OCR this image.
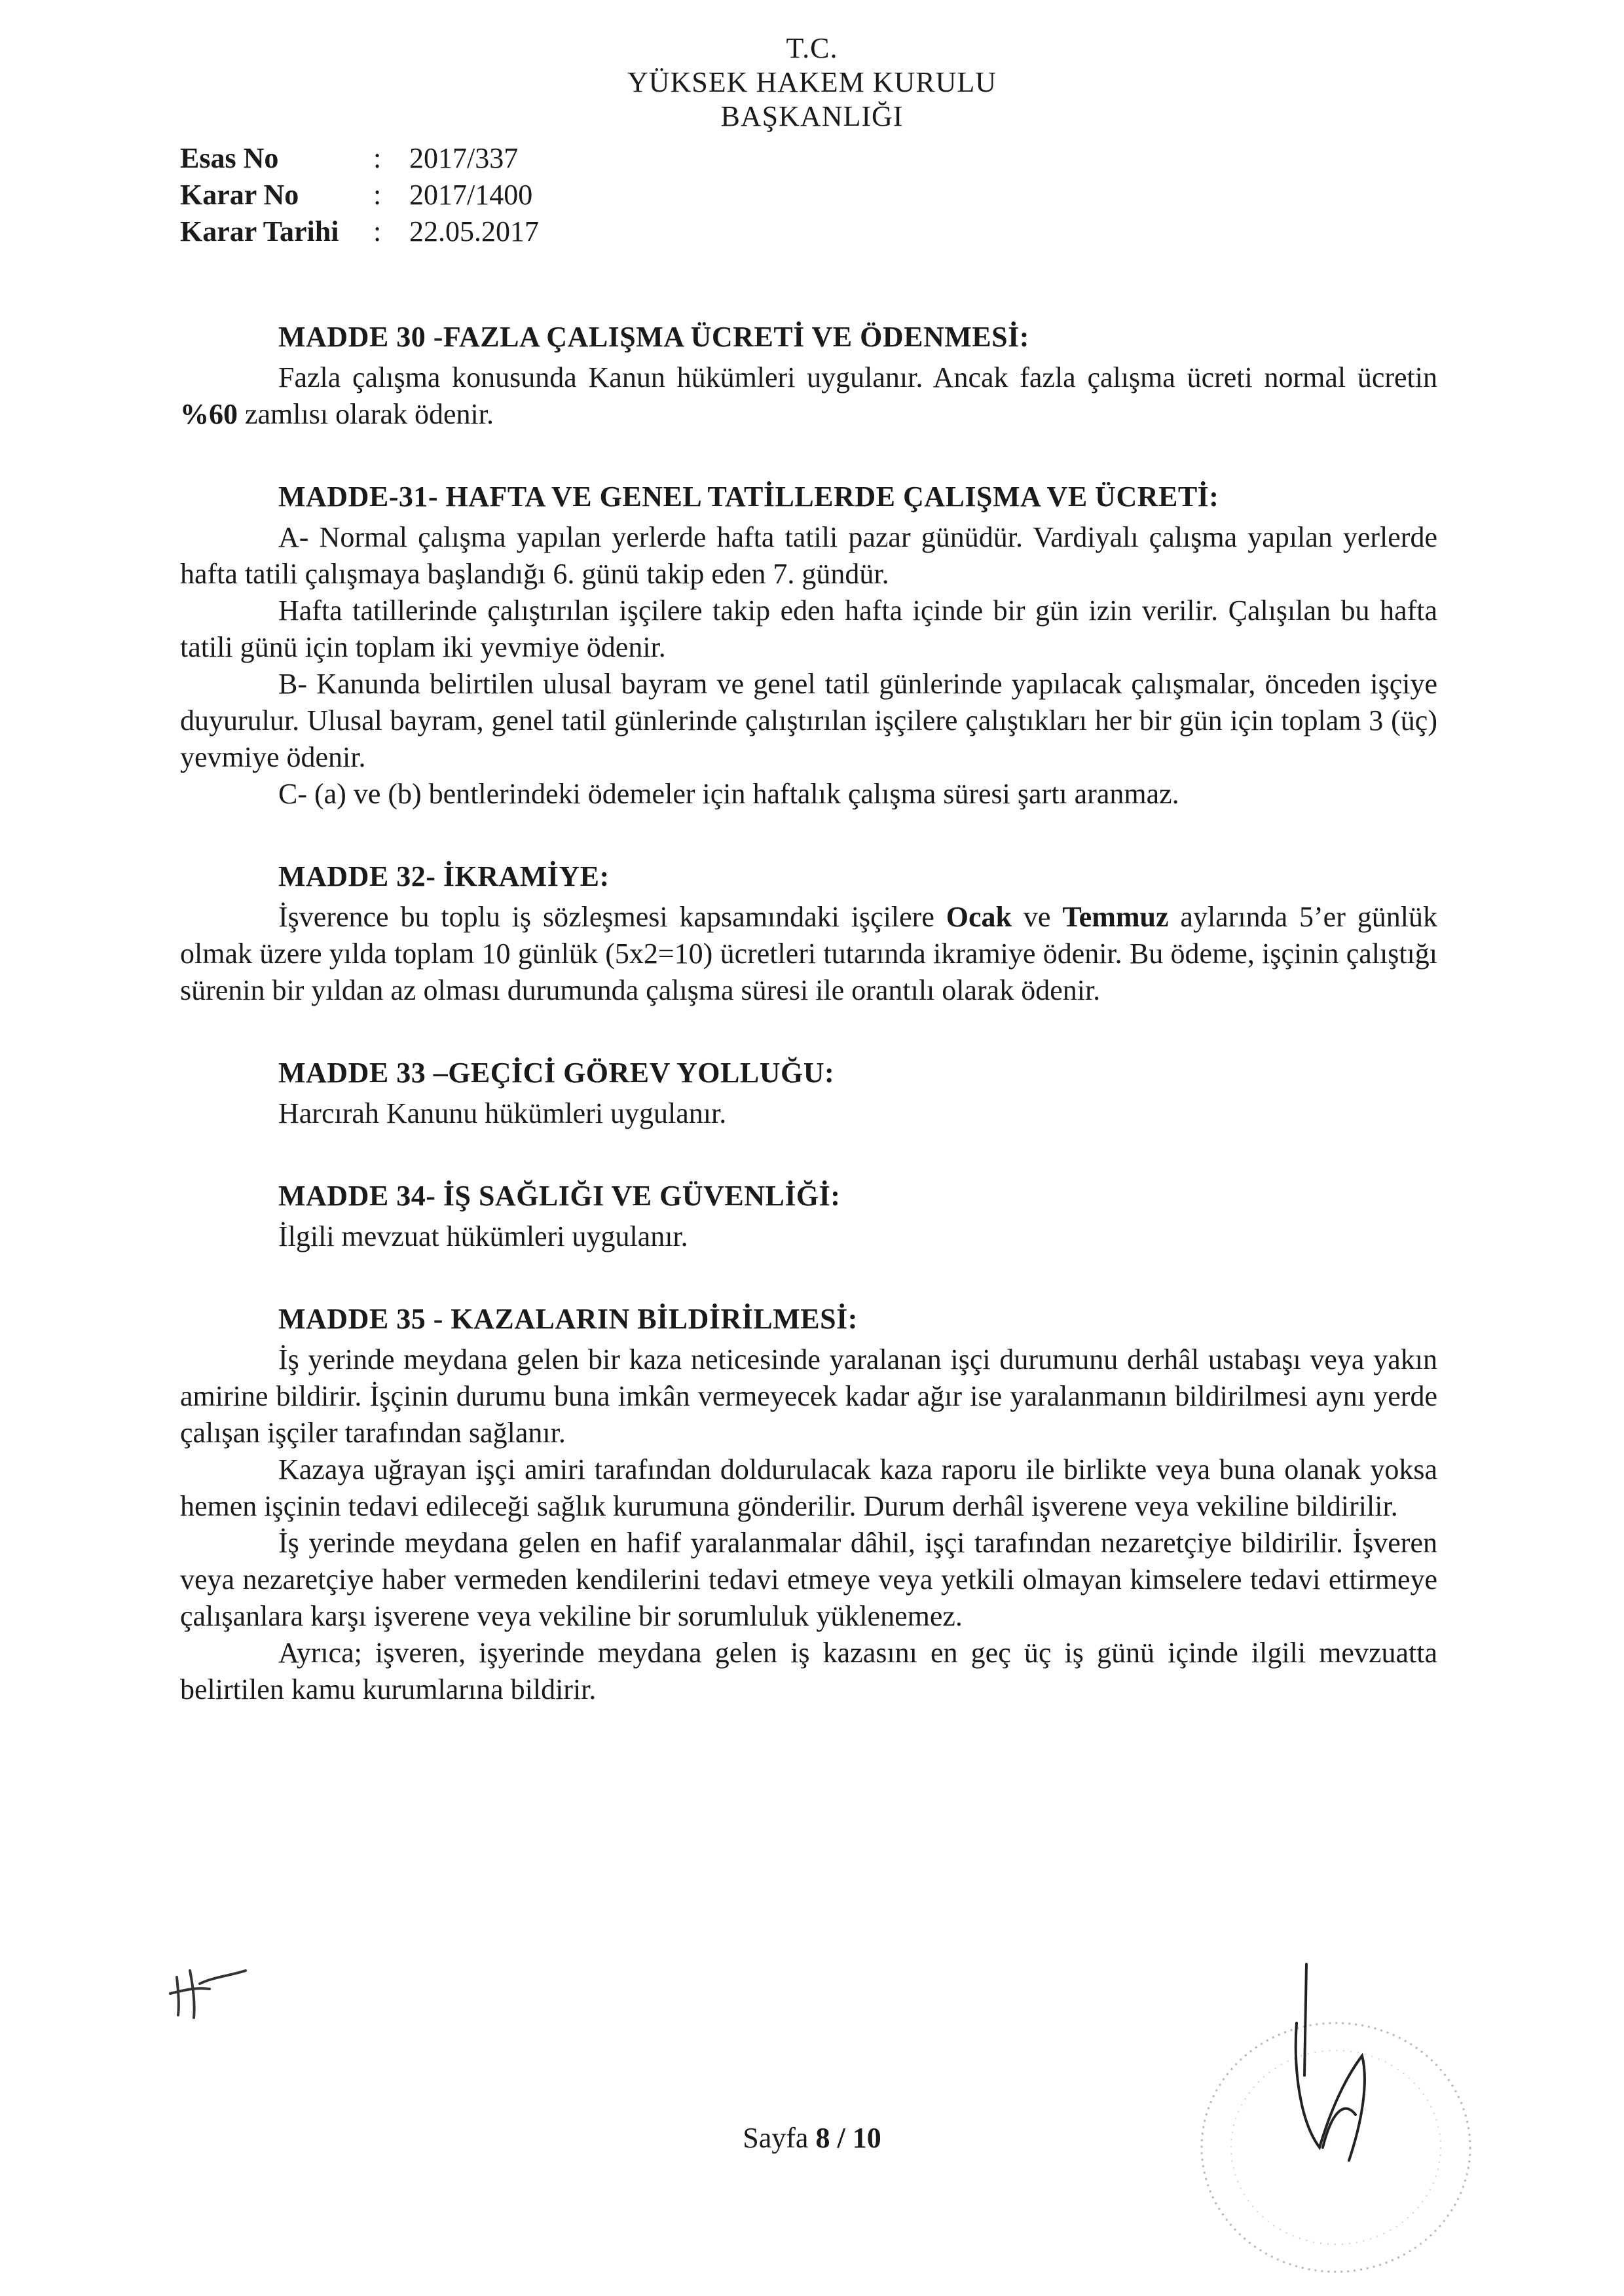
T.C.
YÜKSEK HAKEM KURULU
BAŞKANLIĞI
Esas No	: 2017/337
Karar No	: 2017/1400
Karar Tarihi	: 22.05.2017
MADDE 30 -FAZLA ÇALIŞMA ÜCRETİ VE ÖDENMESİ:

Fazla çalışma konusunda Kanun hükümleri uygulanır. Ancak fazla çalışma ücreti normal ücretin %60 zamlısı olarak ödenir.

MADDE-31- HAFTA VE GENEL TATİLLERDE ÇALIŞMA VE ÜCRETİ:

A- Normal çalışma yapılan yerlerde hafta tatili pazar günüdür. Vardiyalı çalışma yapılan yerlerde hafta tatili çalışmaya başlandığı 6. günü takip eden 7. gündür.

Hafta tatillerinde çalıştırılan işçilere takip eden hafta içinde bir gün izin verilir. Çalışılan bu hafta tatili günü için toplam iki yevmiye ödenir.

B- Kanunda belirtilen ulusal bayram ve genel tatil günlerinde yapılacak çalışmalar, önceden işçiye duyurulur. Ulusal bayram, genel tatil günlerinde çalıştırılan işçilere çalıştıkları her bir gün için toplam 3 (üç) yevmiye ödenir.

C- (a) ve (b) bentlerindeki ödemeler için haftalık çalışma süresi şartı aranmaz.

MADDE 32- İKRAMİYE:

İşverence bu toplu iş sözleşmesi kapsamındaki işçilere Ocak ve Temmuz aylarında 5’er günlük olmak üzere yılda toplam 10 günlük (5x2=10) ücretleri tutarında ikramiye ödenir. Bu ödeme, işçinin çalıştığı sürenin bir yıldan az olması durumunda çalışma süresi ile orantılı olarak ödenir.

MADDE 33 –GEÇİCİ GÖREV YOLLUĞU:

Harcırah Kanunu hükümleri uygulanır.

MADDE 34- İŞ SAĞLIĞI VE GÜVENLİĞİ:

İlgili mevzuat hükümleri uygulanır.

MADDE 35 - KAZALARIN BİLDİRİLMESİ:

İş yerinde meydana gelen bir kaza neticesinde yaralanan işçi durumunu derhâl ustabaşı veya yakın amirine bildirir. İşçinin durumu buna imkân vermeyecek kadar ağır ise yaralanmanın bildirilmesi aynı yerde çalışan işçiler tarafından sağlanır.

Kazaya uğrayan işçi amiri tarafından doldurulacak kaza raporu ile birlikte veya buna olanak yoksa hemen işçinin tedavi edileceği sağlık kurumuna gönderilir. Durum derhâl işverene veya vekiline bildirilir.

İş yerinde meydana gelen en hafif yaralanmalar dâhil, işçi tarafından nezaretçiye bildirilir. İşveren veya nezaretçiye haber vermeden kendilerini tedavi etmeye veya yetkili olmayan kimselere tedavi ettirmeye çalışanlara karşı işverene veya vekiline bir sorumluluk yüklenemez.

Ayrıca; işveren, işyerinde meydana gelen iş kazasını en geç üç iş günü içinde ilgili mevzuatta belirtilen kamu kurumlarına bildirir.

Sayfa 8 / 10
